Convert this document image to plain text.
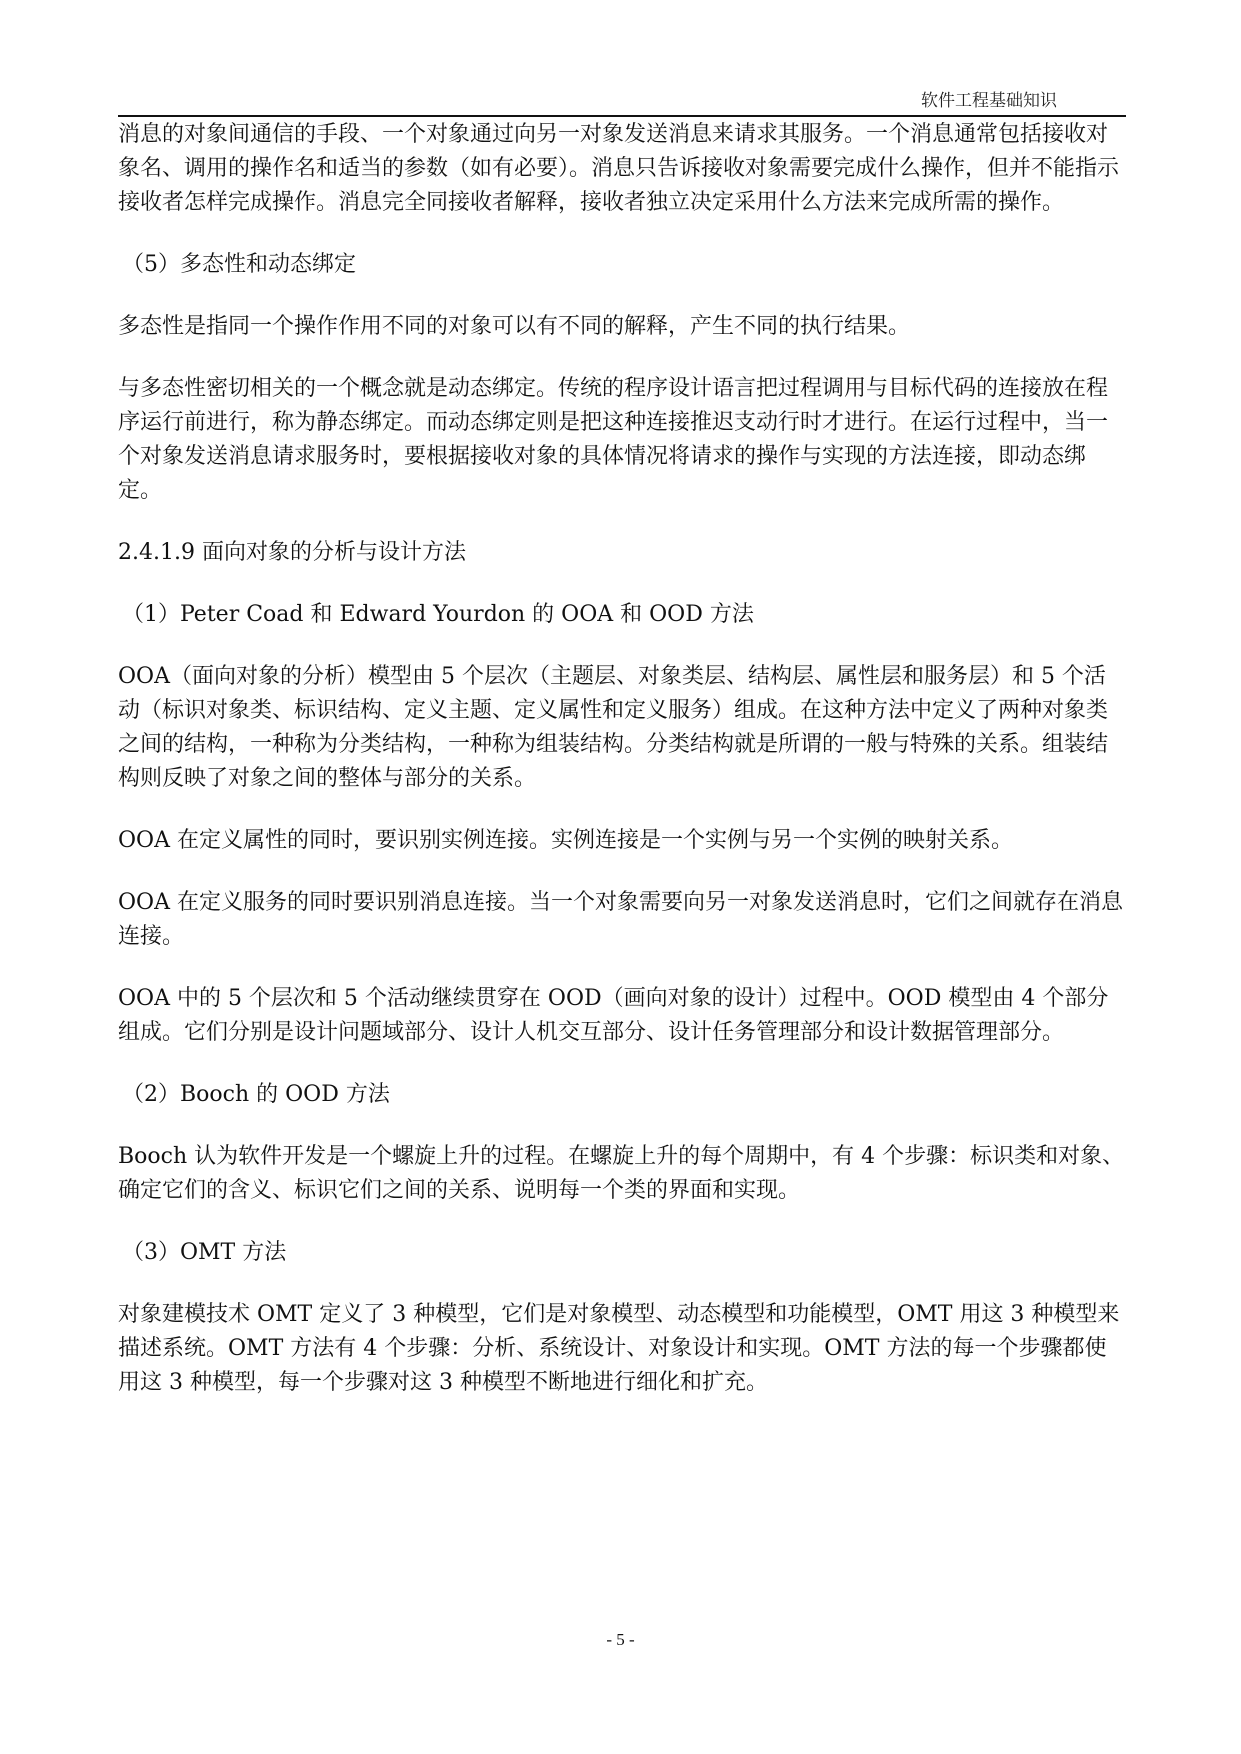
软件工程基础知识

消息的对象间通信的手段、一个对象通过向另一对象发送消息来请求其服务。一个消息通常包括接收对象名、调用的操作名和适当的参数（如有必要）。消息只告诉接收对象需要完成什么操作，但并不能指示接收者怎样完成操作。消息完全同接收者解释，接收者独立决定采用什么方法来完成所需的操作。

（5）多态性和动态绑定

多态性是指同一个操作作用不同的对象可以有不同的解释，产生不同的执行结果。

与多态性密切相关的一个概念就是动态绑定。传统的程序设计语言把过程调用与目标代码的连接放在程序运行前进行，称为静态绑定。而动态绑定则是把这种连接推迟支动行时才进行。在运行过程中，当一个对象发送消息请求服务时，要根据接收对象的具体情况将请求的操作与实现的方法连接，即动态绑定。

2.4.1.9 面向对象的分析与设计方法

（1）Peter Coad 和 Edward Yourdon 的 OOA 和 OOD 方法

OOA（面向对象的分析）模型由 5 个层次（主题层、对象类层、结构层、属性层和服务层）和 5 个活动（标识对象类、标识结构、定义主题、定义属性和定义服务）组成。在这种方法中定义了两种对象类之间的结构，一种称为分类结构，一种称为组装结构。分类结构就是所谓的一般与特殊的关系。组装结构则反映了对象之间的整体与部分的关系。

OOA 在定义属性的同时，要识别实例连接。实例连接是一个实例与另一个实例的映射关系。

OOA 在定义服务的同时要识别消息连接。当一个对象需要向另一对象发送消息时，它们之间就存在消息连接。

OOA 中的 5 个层次和 5 个活动继续贯穿在 OOD（画向对象的设计）过程中。OOD 模型由 4 个部分组成。它们分别是设计问题域部分、设计人机交互部分、设计任务管理部分和设计数据管理部分。

（2）Booch 的 OOD 方法

Booch 认为软件开发是一个螺旋上升的过程。在螺旋上升的每个周期中，有 4 个步骤：标识类和对象、确定它们的含义、标识它们之间的关系、说明每一个类的界面和实现。

（3）OMT 方法

对象建模技术 OMT 定义了 3 种模型，它们是对象模型、动态模型和功能模型，OMT 用这 3 种模型来描述系统。OMT 方法有 4 个步骤：分析、系统设计、对象设计和实现。OMT 方法的每一个步骤都使用这 3 种模型，每一个步骤对这 3 种模型不断地进行细化和扩充。

- 5 -
